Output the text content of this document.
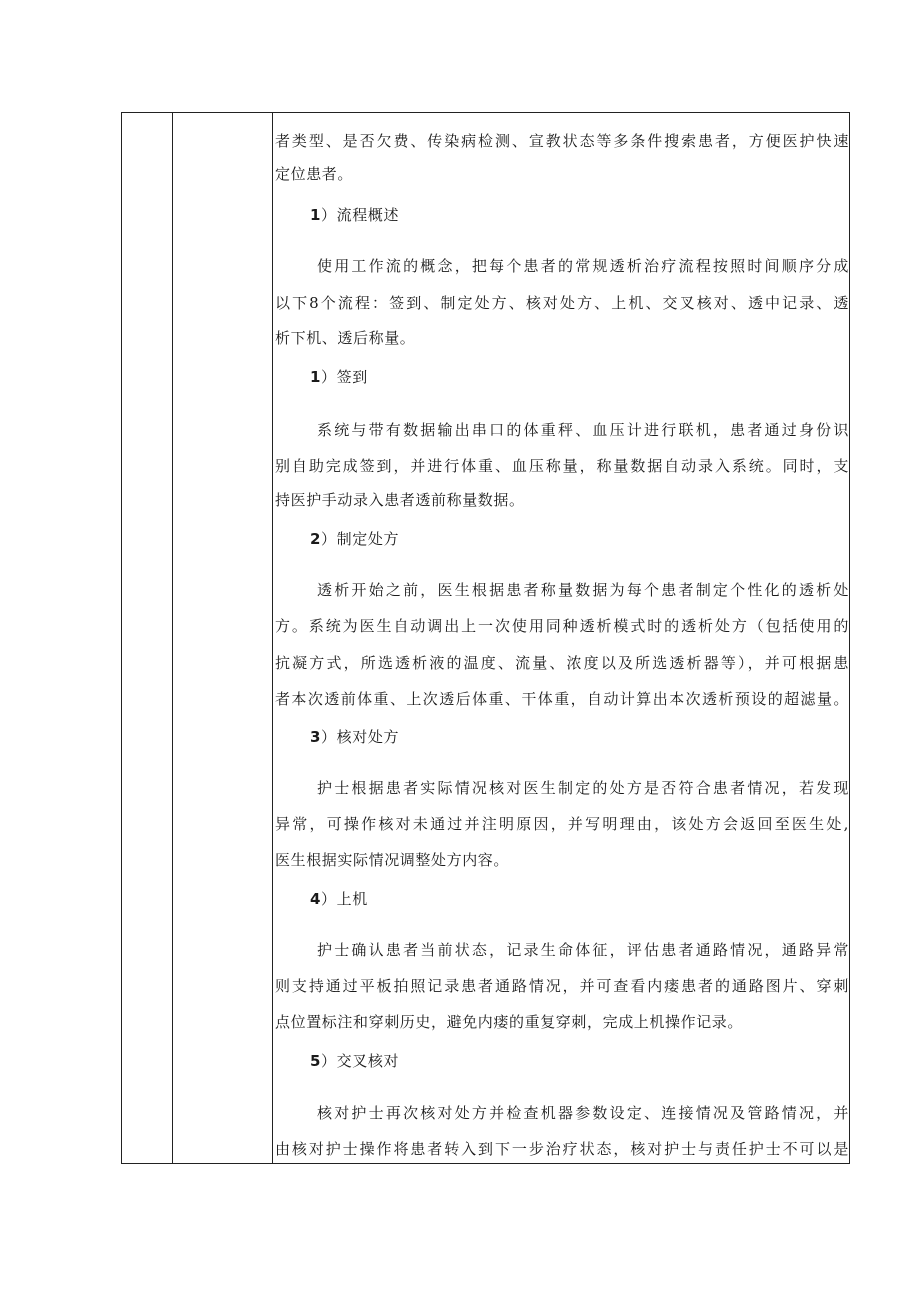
者类型、是否欠费、传染病检测、宣教状态等多条件搜索患者，方便医护快速
定位患者。
1）流程概述
使用工作流的概念，把每个患者的常规透析治疗流程按照时间顺序分成
以下8个流程：签到、制定处方、核对处方、上机、交叉核对、透中记录、透
析下机、透后称量。
1）签到
系统与带有数据输出串口的体重秤、血压计进行联机，患者通过身份识
别自助完成签到，并进行体重、血压称量，称量数据自动录入系统。同时，支
持医护手动录入患者透前称量数据。
2）制定处方
透析开始之前，医生根据患者称量数据为每个患者制定个性化的透析处
方。系统为医生自动调出上一次使用同种透析模式时的透析处方（包括使用的
抗凝方式，所选透析液的温度、流量、浓度以及所选透析器等），并可根据患
者本次透前体重、上次透后体重、干体重，自动计算出本次透析预设的超滤量。
3）核对处方
护士根据患者实际情况核对医生制定的处方是否符合患者情况，若发现
异常，可操作核对未通过并注明原因，并写明理由，该处方会返回至医生处,
医生根据实际情况调整处方内容。
4）上机
护士确认患者当前状态，记录生命体征，评估患者通路情况，通路异常
则支持通过平板拍照记录患者通路情况，并可查看内瘘患者的通路图片、穿刺
点位置标注和穿刺历史，避免内瘘的重复穿刺，完成上机操作记录。
5）交叉核对
核对护士再次核对处方并检查机器参数设定、连接情况及管路情况，并
由核对护士操作将患者转入到下一步治疗状态，核对护士与责任护士不可以是
